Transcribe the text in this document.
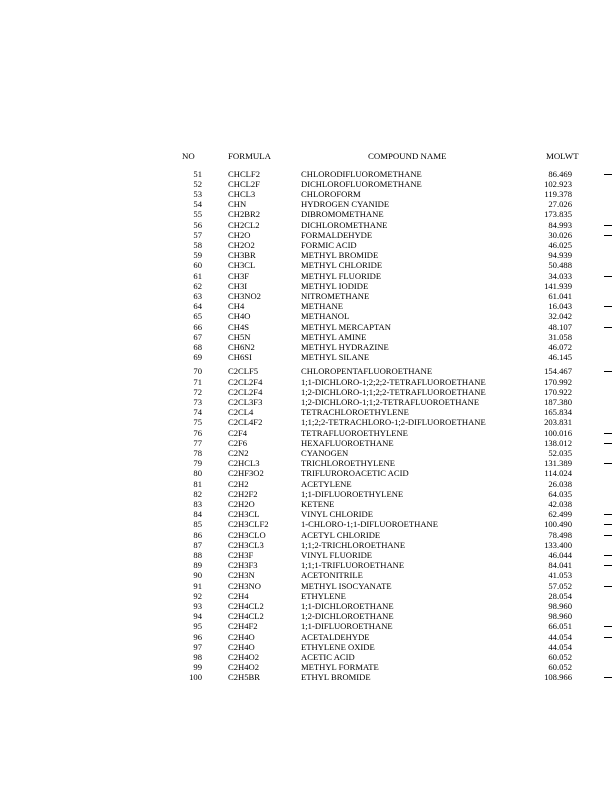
NO	FORMULA	COMPOUND NAME	MOLWT
51	CHCLF2	CHLORODIFLUOROMETHANE	86.469
52	CHCL2F	DICHLOROFLUOROMETHANE	102.923
53	CHCL3	CHLOROFORM	119.378
54	CHN	HYDROGEN CYANIDE	27.026
55	CH2BR2	DIBROMOMETHANE	173.835
56	CH2CL2	DICHLOROMETHANE	84.993
57	CH2O	FORMALDEHYDE	30.026
58	CH2O2	FORMIC ACID	46.025
59	CH3BR	METHYL BROMIDE	94.939
60	CH3CL	METHYL CHLORIDE	50.488
61	CH3F	METHYL FLUORIDE	34.033
62	CH3I	METHYL IODIDE	141.939
63	CH3NO2	NITROMETHANE	61.041
64	CH4	METHANE	16.043
65	CH4O	METHANOL	32.042
66	CH4S	METHYL MERCAPTAN	48.107
67	CH5N	METHYL AMINE	31.058
68	CH6N2	METHYL HYDRAZINE	46.072
69	CH6SI	METHYL SILANE	46.145
70	C2CLF5	CHLOROPENTAFLUOROETHANE	154.467
71	C2CL2F4	1;1-DICHLORO-1;2;2;2-TETRAFLUOROETHANE	170.992
72	C2CL2F4	1;2-DICHLORO-1;1;2;2-TETRAFLUOROETHANE	170.922
73	C2CL3F3	1;2-DICHLORO-1;1;2-TETRAFLUOROETHANE	187.380
74	C2CL4	TETRACHLOROETHYLENE	165.834
75	C2CL4F2	1;1;2;2-TETRACHLORO-1;2-DIFLUOROETHANE	203.831
76	C2F4	TETRAFLUOROETHYLENE	100.016
77	C2F6	HEXAFLUOROETHANE	138.012
78	C2N2	CYANOGEN	52.035
79	C2HCL3	TRICHLOROETHYLENE	131.389
80	C2HF3O2	TRIFLUROROACETIC ACID	114.024
81	C2H2	ACETYLENE	26.038
82	C2H2F2	1;1-DIFLUOROETHYLENE	64.035
83	C2H2O	KETENE	42.038
84	C2H3CL	VINYL CHLORIDE	62.499
85	C2H3CLF2	1-CHLORO-1;1-DIFLUOROETHANE	100.490
86	C2H3CLO	ACETYL CHLORIDE	78.498
87	C2H3CL3	1;1;2-TRICHLOROETHANE	133.400
88	C2H3F	VINYL FLUORIDE	46.044
89	C2H3F3	1;1;1-TRIFLUOROETHANE	84.041
90	C2H3N	ACETONITRILE	41.053
91	C2H3NO	METHYL ISOCYANATE	57.052
92	C2H4	ETHYLENE	28.054
93	C2H4CL2	1;1-DICHLOROETHANE	98.960
94	C2H4CL2	1;2-DICHLOROETHANE	98.960
95	C2H4F2	1;1-DIFLUOROETHANE	66.051
96	C2H4O	ACETALDEHYDE	44.054
97	C2H4O	ETHYLENE OXIDE	44.054
98	C2H4O2	ACETIC ACID	60.052
99	C2H4O2	METHYL FORMATE	60.052
100	C2H5BR	ETHYL BROMIDE	108.966
